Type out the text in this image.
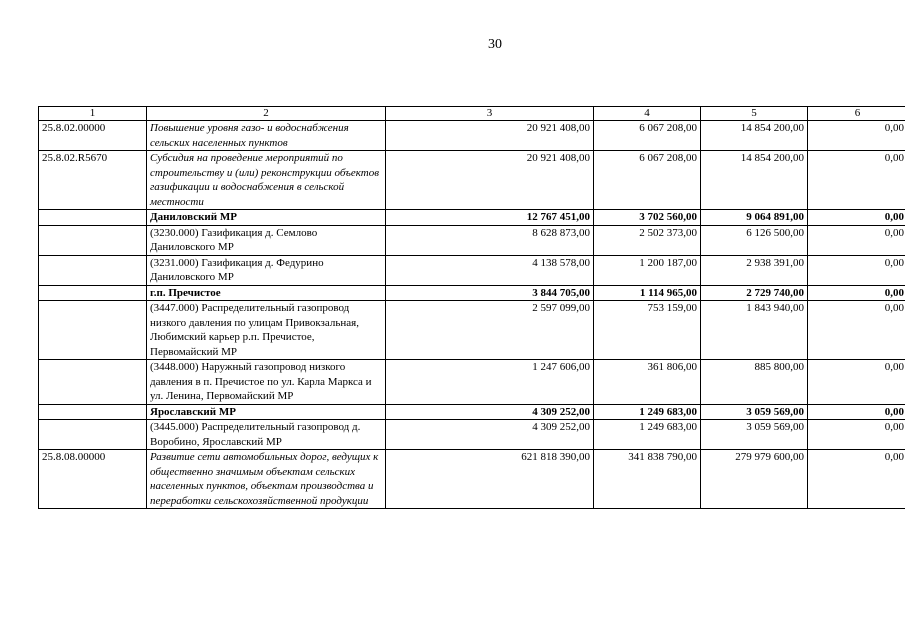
30
1	2	3	4	5	6
25.8.02.00000	Повышение уровня газо- и водоснабжения сельских населенных пунктов	20 921 408,00	6 067 208,00	14 854 200,00	0,00
25.8.02.R5670	Субсидия на проведение мероприятий по строительству и (или) реконструкции объектов газификации и водоснабжения в сельской местности	20 921 408,00	6 067 208,00	14 854 200,00	0,00
	Даниловский МР	12 767 451,00	3 702 560,00	9 064 891,00	0,00
	(3230.000) Газификация д. Семлово Даниловского МР	8 628 873,00	2 502 373,00	6 126 500,00	0,00
	(3231.000) Газификация д. Федурино Даниловского МР	4 138 578,00	1 200 187,00	2 938 391,00	0,00
	г.п. Пречистое	3 844 705,00	1 114 965,00	2 729 740,00	0,00
	(3447.000) Распределительный газопровод низкого давления по улицам Привокзальная, Любимский карьер р.п. Пречистое, Первомайский МР	2 597 099,00	753 159,00	1 843 940,00	0,00
	(3448.000) Наружный газопровод низкого давления в п. Пречистое по ул. Карла Маркса и ул. Ленина, Первомайский МР	1 247 606,00	361 806,00	885 800,00	0,00
	Ярославский МР	4 309 252,00	1 249 683,00	3 059 569,00	0,00
	(3445.000) Распределительный газопровод д. Воробино, Ярославский МР	4 309 252,00	1 249 683,00	3 059 569,00	0,00
25.8.08.00000	Развитие сети автомобильных дорог, ведущих к общественно значимым объектам сельских населенных пунктов, объектам производства и переработки сельскохозяйственной продукции	621 818 390,00	341 838 790,00	279 979 600,00	0,00
